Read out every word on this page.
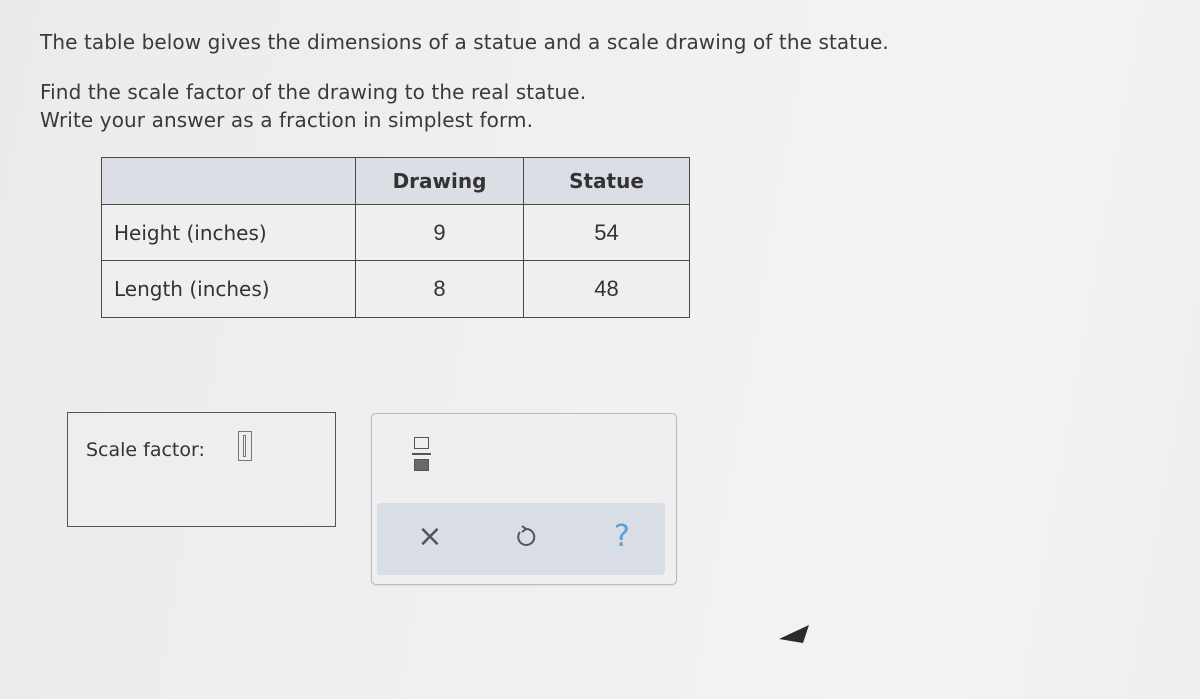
The table below gives the dimensions of a statue and a scale drawing of the statue.

Find the scale factor of the drawing to the real statue.

Write your answer as a fraction in simplest form.

	Drawing	Statue
Height (inches)	9	54
Length (inches)	8	48
Scale factor:
×	?
